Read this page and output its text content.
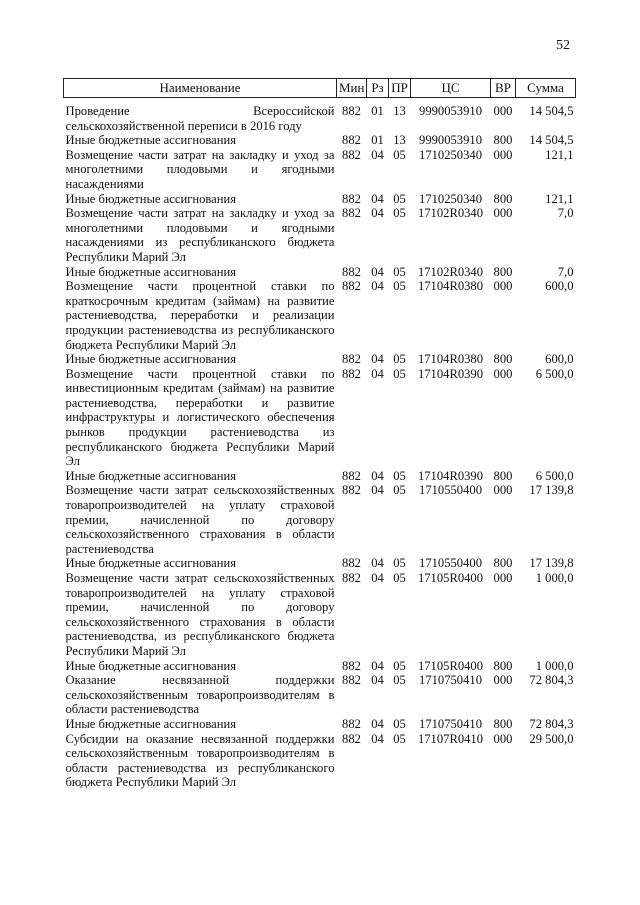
52
Наименование	Мин	Рз	ПР	ЦС	ВР	Сумма
Проведение Всероссийской сельскохозяйственной переписи в 2016 году	882	01	13	9990053910	000	14 504,5
Иные бюджетные ассигнования	882	01	13	9990053910	800	14 504,5
Возмещение части затрат на закладку и уход за многолетними плодовыми и ягодными насаждениями	882	04	05	1710250340	000	121,1
Иные бюджетные ассигнования	882	04	05	1710250340	800	121,1
Возмещение части затрат на закладку и уход за многолетними плодовыми и ягодными насаждениями из республиканского бюджета Республики Марий Эл	882	04	05	17102R0340	000	7,0
Иные бюджетные ассигнования	882	04	05	17102R0340	800	7,0
Возмещение части процентной ставки по краткосрочным кредитам (займам) на развитие растениеводства, переработки и реализации продукции растениеводства из республиканского бюджета Республики Марий Эл	882	04	05	17104R0380	000	600,0
Иные бюджетные ассигнования	882	04	05	17104R0380	800	600,0
Возмещение части процентной ставки по инвестиционным кредитам (займам) на развитие растениеводства, переработки и развитие инфраструктуры и логистического обеспечения рынков продукции растениеводства из республиканского бюджета Республики Марий Эл	882	04	05	17104R0390	000	6 500,0
Иные бюджетные ассигнования	882	04	05	17104R0390	800	6 500,0
Возмещение части затрат сельскохозяйственных товаропроизводителей на уплату страховой премии, начисленной по договору сельскохозяйственного страхования в области растениеводства	882	04	05	1710550400	000	17 139,8
Иные бюджетные ассигнования	882	04	05	1710550400	800	17 139,8
Возмещение части затрат сельскохозяйственных товаропроизводителей на уплату страховой премии, начисленной по договору сельскохозяйственного страхования в области растениеводства, из республиканского бюджета Республики Марий Эл	882	04	05	17105R0400	000	1 000,0
Иные бюджетные ассигнования	882	04	05	17105R0400	800	1 000,0
Оказание несвязанной поддержки сельскохозяйственным товаропроизводителям в области растениеводства	882	04	05	1710750410	000	72 804,3
Иные бюджетные ассигнования	882	04	05	1710750410	800	72 804,3
Субсидии на оказание несвязанной поддержки сельскохозяйственным товаропроизводителям в области растениеводства из республиканского бюджета Республики Марий Эл	882	04	05	17107R0410	000	29 500,0
